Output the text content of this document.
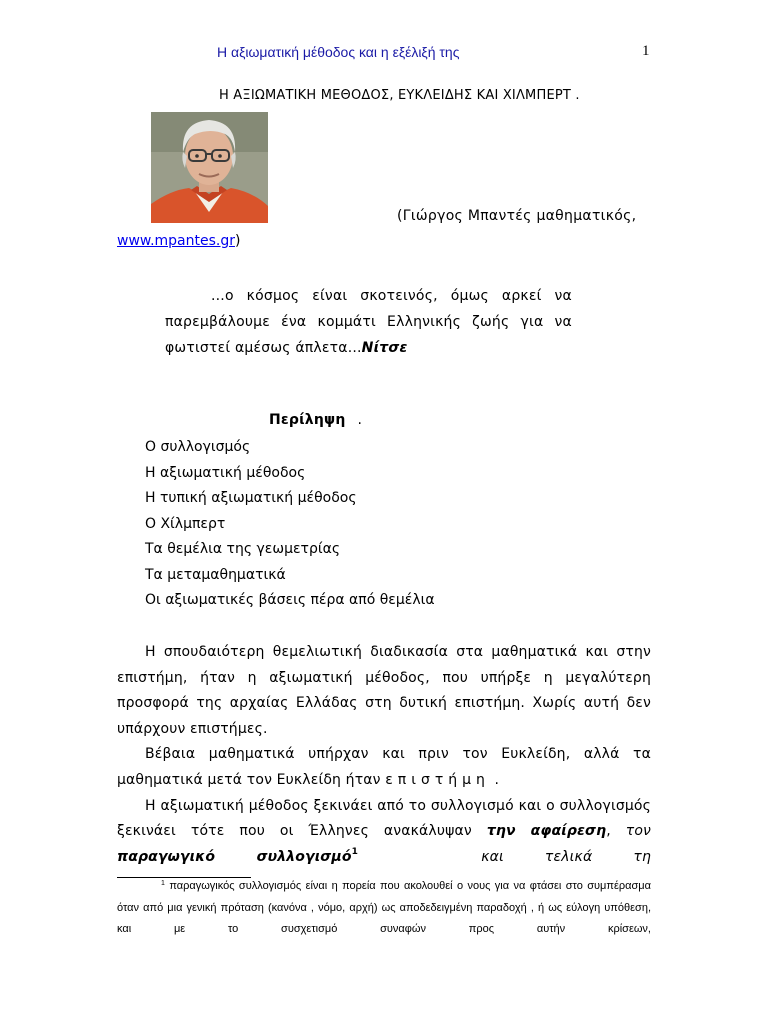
Η αξιωματική μέθοδος και η εξέλιξή της	1
Η ΑΞΙΩΜΑΤΙΚΗ ΜΕΘΟΔΟΣ, ΕΥΚΛΕΙΔΗΣ ΚΑΙ ΧΙΛΜΠΕΡΤ .
(Γιώργος Μπαντές μαθηματικός,
www.mpantes.gr)

...ο κόσμος είναι σκοτεινός, όμως αρκεί να παρεμβάλουμε ένα κομμάτι Ελληνικής ζωής για να φωτιστεί αμέσως άπλετα...Νίτσε

Περίληψη .
Ο συλλογισμός
Η αξιωματική μέθοδος
Η τυπική αξιωματική μέθοδος
Ο Χίλμπερτ
Τα θεμέλια της γεωμετρίας
Τα μεταμαθηματικά
Οι αξιωματικές βάσεις πέρα από θεμέλια

Η σπουδαιότερη θεμελιωτική διαδικασία στα μαθηματικά και στην επιστήμη, ήταν η αξιωματική μέθοδος, που υπήρξε η μεγαλύτερη προσφορά της αρχαίας Ελλάδας στη δυτική επιστήμη. Χωρίς αυτή δεν υπάρχουν επιστήμες.

Βέβαια μαθηματικά υπήρχαν και πριν τον Ευκλείδη, αλλά τα μαθηματικά μετά τον Ευκλείδη ήταν επιστήμη .

Η αξιωματική μέθοδος ξεκινάει από το συλλογισμό και ο συλλογισμός ξεκινάει τότε που οι Έλληνες ανακάλυψαν την αφαίρεση, τον παραγωγικό συλλογισμό$^1$	και τελικά τη

$^1$ παραγωγικός συλλογισμός είναι η πορεία που ακολουθεί ο νους για να φτάσει στο συμπέρασμα όταν από μια γενική πρόταση (κανόνα , νόμο, αρχή) ως αποδεδειγμένη παραδοχή , ή ως εύλογη υπόθεση, και με το συσχετισμό συναφών προς αυτήν κρίσεων,
